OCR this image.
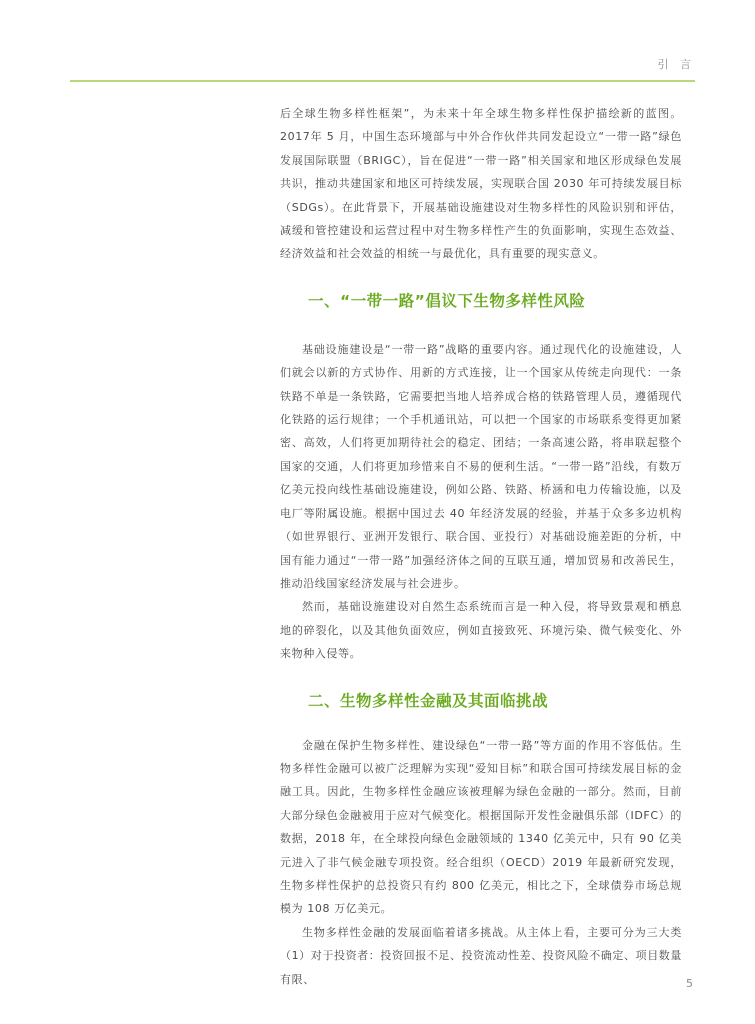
引 言

后全球生物多样性框架”，为未来十年全球生物多样性保护描绘新的蓝图。2017年 5 月，中国生态环境部与中外合作伙伴共同发起设立“一带一路”绿色发展国际联盟（BRIGC），旨在促进“一带一路”相关国家和地区形成绿色发展共识，推动共建国家和地区可持续发展，实现联合国 2030 年可持续发展目标（SDGs）。在此背景下，开展基础设施建设对生物多样性的风险识别和评估，减缓和管控建设和运营过程中对生物多样性产生的负面影响，实现生态效益、经济效益和社会效益的相统一与最优化，具有重要的现实意义。

一、“一带一路”倡议下生物多样性风险

基础设施建设是“一带一路”战略的重要内容。通过现代化的设施建设，人们就会以新的方式协作、用新的方式连接，让一个国家从传统走向现代：一条铁路不单是一条铁路，它需要把当地人培养成合格的铁路管理人员，遵循现代化铁路的运行规律；一个手机通讯站，可以把一个国家的市场联系变得更加紧密、高效，人们将更加期待社会的稳定、团结；一条高速公路，将串联起整个国家的交通，人们将更加珍惜来自不易的便利生活。“一带一路”沿线，有数万亿美元投向线性基础设施建设，例如公路、铁路、桥涵和电力传输设施，以及电厂等附属设施。根据中国过去 40 年经济发展的经验，并基于众多多边机构（如世界银行、亚洲开发银行、联合国、亚投行）对基础设施差距的分析，中国有能力通过“一带一路”加强经济体之间的互联互通，增加贸易和改善民生，推动沿线国家经济发展与社会进步。

然而，基础设施建设对自然生态系统而言是一种入侵，将导致景观和栖息地的碎裂化，以及其他负面效应，例如直接致死、环境污染、微气候变化、外来物种入侵等。

二、生物多样性金融及其面临挑战

金融在保护生物多样性、建设绿色“一带一路”等方面的作用不容低估。生物多样性金融可以被广泛理解为实现“爱知目标”和联合国可持续发展目标的金融工具。因此，生物多样性金融应该被理解为绿色金融的一部分。然而，目前大部分绿色金融被用于应对气候变化。根据国际开发性金融俱乐部（IDFC）的数据，2018 年，在全球投向绿色金融领域的 1340 亿美元中，只有 90 亿美元进入了非气候金融专项投资。经合组织（OECD）2019 年最新研究发现，生物多样性保护的总投资只有约 800 亿美元，相比之下，全球债券市场总规模为 108 万亿美元。

生物多样性金融的发展面临着诸多挑战。从主体上看，主要可分为三大类（1）对于投资者：投资回报不足、投资流动性差、投资风险不确定、项目数量有限、	5
